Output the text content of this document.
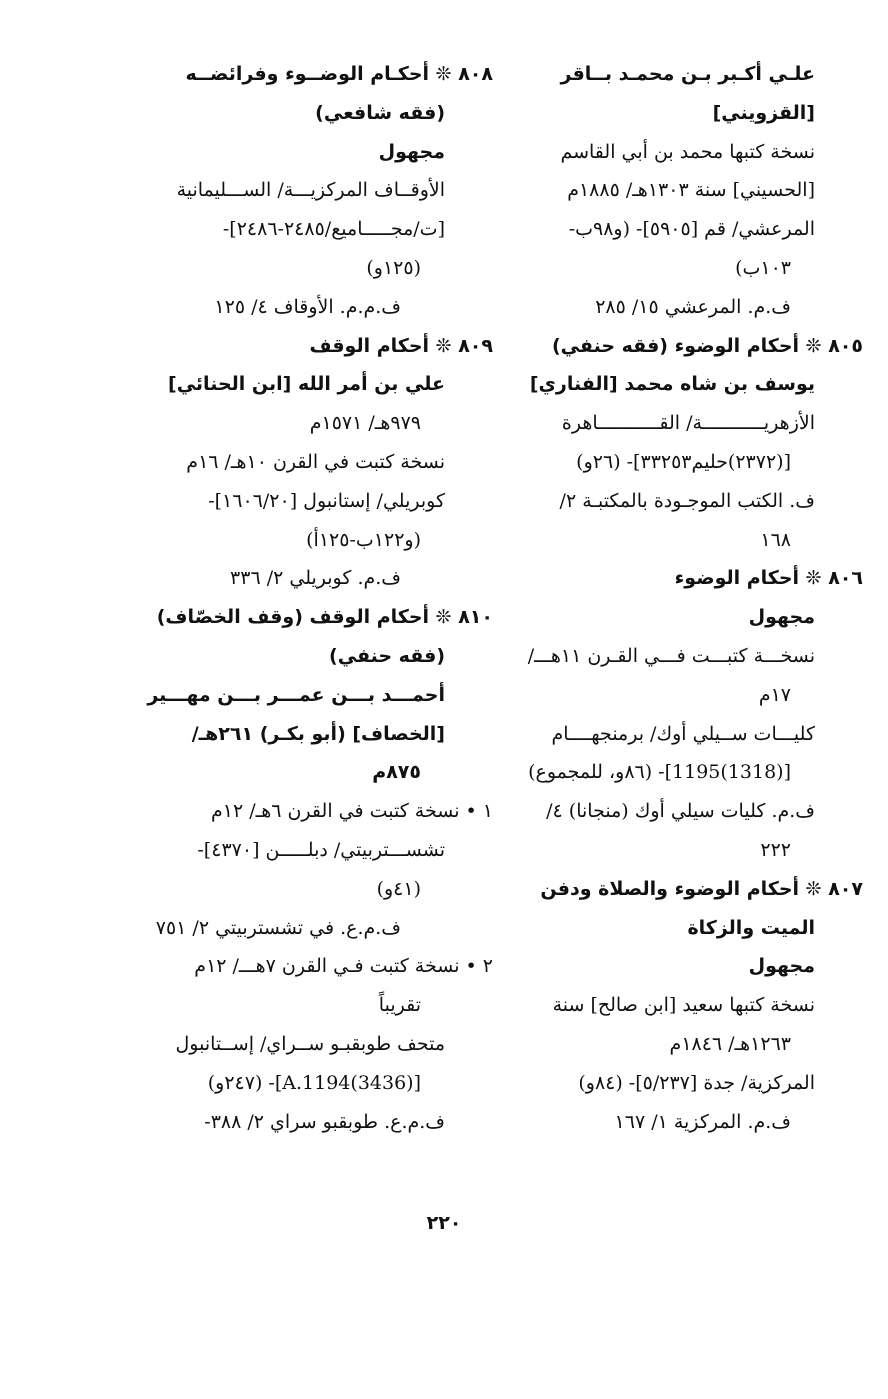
علـي أكـبر بـن محمـد بــاقر
[القزويني]
نسخة كتبها محمد بن أبي القاسم
[الحسيني] سنة ١٣٠٣هـ/ ١٨٨٥م
المرعشي/ قم [٥٩٠٥]- (و٩٨ب-
١٠٣ب)
ف.م. المرعشي ١٥/ ٢٨٥
٨٠٥ ❊ أحكام الوضوء (فقه حنفي)
يوسف بن شاه محمد [الفناري]
الأزهريـــــــــــة/ القـــــــــــاهرة
[(٢٣٧٢)حليم٣٣٢٥٣]- (٢٦و)
ف. الكتب الموجـودة بالمكتبـة ٢/
١٦٨
٨٠٦ ❊ أحكام الوضوء
مجهول
نسخـــة كتبـــت فـــي القـرن ١١هـــ/
١٧م
كليـــات ســيلي أوك/ برمنجهــــام
[(1318)1195]- (٨٦و، للمجموع)
ف.م. كليات سيلي أوك (منجانا) ٤/
٢٢٢
٨٠٧ ❊ أحكام الوضوء والصلاة ودفن
الميت والزكاة
مجهول
نسخة كتبها سعيد [ابن صالح] سنة
١٢٦٣هـ/ ١٨٤٦م
المركزية/ جدة [٥/٢٣٧]- (٨٤و)
ف.م. المركزية ١/ ١٦٧
٨٠٨ ❊ أحكـام الوضــوء وفرائضــه
(فقه شافعي)
مجهول
الأوقــاف المركزيـــة/ الســـليمانية
[ت/مجـــــاميع/٢٤٨٥-٢٤٨٦]-
(١٢٥و)
ف.م.م. الأوقاف ٤/ ١٢٥
٨٠٩ ❊ أحكام الوقف
علي بن أمر الله [ابن الحنائي]
٩٧٩هـ/ ١٥٧١م
نسخة كتبت في القرن ١٠هـ/ ١٦م
كوبريلي/ إستانبول [١٦٠٦/٢٠]-
(و١٢٢ب-١٢٥أ)
ف.م. كوبريلي ٢/ ٣٣٦
٨١٠ ❊ أحكام الوقف (وقف الخصّاف)
(فقه حنفي)
أحمـــد بـــن عمـــر بـــن مهـــير
[الخصاف] (أبو بكـر) ٢٦١هـ/
٨٧٥م
١ • نسخة كتبت في القرن ٦هـ/ ١٢م
تشســـتربيتي/ دبلـــــن [٤٣٧٠]-
(٤١و)
ف.م.ع. في تشستربيتي ٢/ ٧٥١
٢ • نسخة كتبت فـي القرن ٧هـــ/ ١٢م
تقريباً
متحف طوبقبـو ســراي/ إســتانبول
[(3436)A.1194]- (٢٤٧و)
ف.م.ع. طوبقبو سراي ٢/ ٣٨٨-
٢٢٠
